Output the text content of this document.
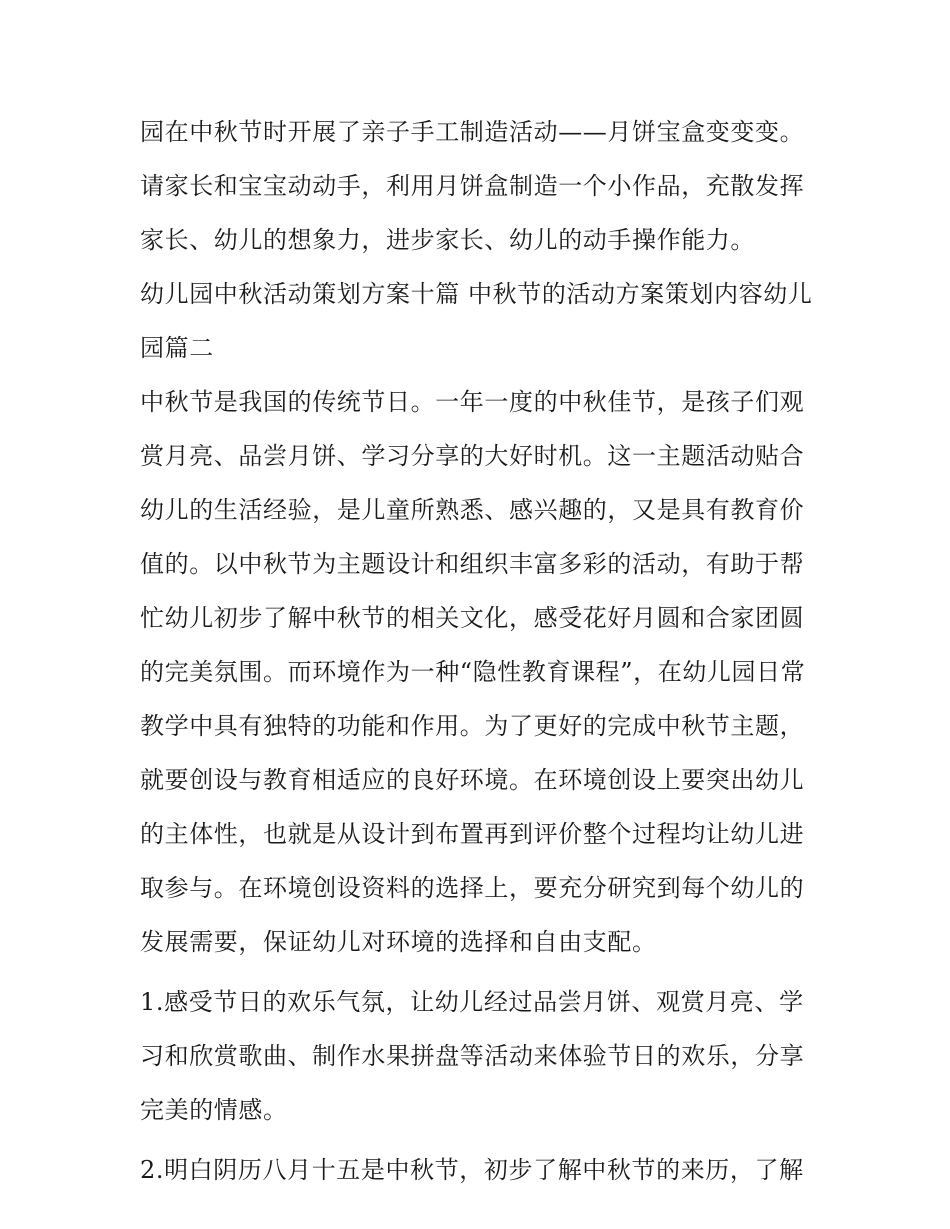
园在中秋节时开展了亲子手工制造活动——月饼宝盒变变变。请家长和宝宝动动手，利用月饼盒制造一个小作品，充散发挥家长、幼儿的想象力，进步家长、幼儿的动手操作能力。

幼儿园中秋活动策划方案十篇 中秋节的活动方案策划内容幼儿园篇二

中秋节是我国的传统节日。一年一度的中秋佳节，是孩子们观赏月亮、品尝月饼、学习分享的大好时机。这一主题活动贴合幼儿的生活经验，是儿童所熟悉、感兴趣的，又是具有教育价值的。以中秋节为主题设计和组织丰富多彩的活动，有助于帮忙幼儿初步了解中秋节的相关文化，感受花好月圆和合家团圆的完美氛围。而环境作为一种“隐性教育课程”，在幼儿园日常教学中具有独特的功能和作用。为了更好的完成中秋节主题，就要创设与教育相适应的良好环境。在环境创设上要突出幼儿的主体性，也就是从设计到布置再到评价整个过程均让幼儿进取参与。在环境创设资料的选择上，要充分研究到每个幼儿的发展需要，保证幼儿对环境的选择和自由支配。

1.感受节日的欢乐气氛，让幼儿经过品尝月饼、观赏月亮、学习和欣赏歌曲、制作水果拼盘等活动来体验节日的欢乐，分享完美的情感。

2.明白阴历八月十五是中秋节，初步了解中秋节的来历，了解
